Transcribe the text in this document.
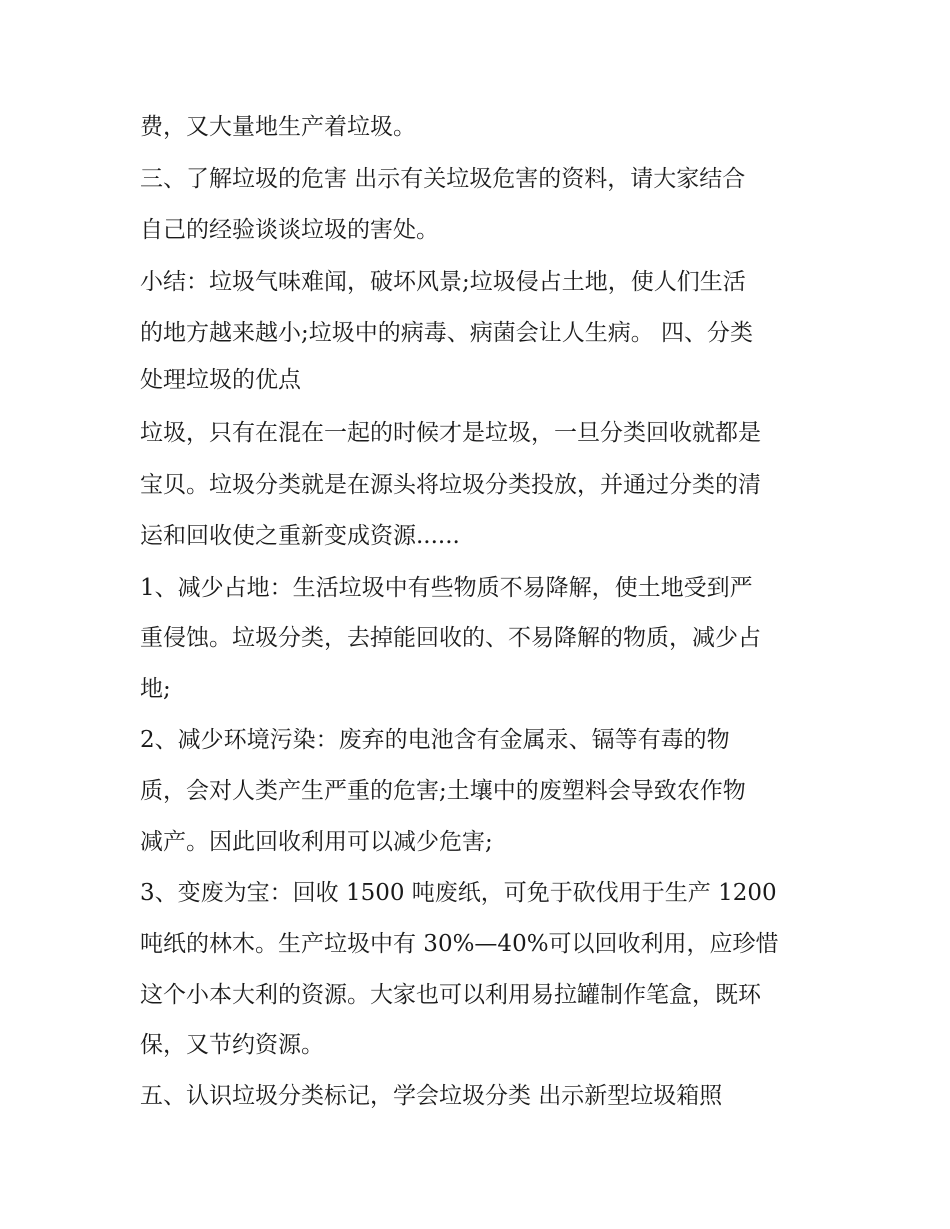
费，又大量地生产着垃圾。
三、了解垃圾的危害 出示有关垃圾危害的资料，请大家结合
自己的经验谈谈垃圾的害处。
小结：垃圾气味难闻，破坏风景;垃圾侵占土地，使人们生活
的地方越来越小;垃圾中的病毒、病菌会让人生病。 四、分类
处理垃圾的优点
垃圾，只有在混在一起的时候才是垃圾，一旦分类回收就都是
宝贝。垃圾分类就是在源头将垃圾分类投放，并通过分类的清
运和回收使之重新变成资源......
1、减少占地：生活垃圾中有些物质不易降解，使土地受到严
重侵蚀。垃圾分类，去掉能回收的、不易降解的物质，减少占
地;
2、减少环境污染：废弃的电池含有金属汞、镉等有毒的物
质，会对人类产生严重的危害;土壤中的废塑料会导致农作物
减产。因此回收利用可以减少危害;
3、变废为宝：回收 1500 吨废纸，可免于砍伐用于生产 1200
吨纸的林木。生产垃圾中有 30%—40%可以回收利用，应珍惜
这个小本大利的资源。大家也可以利用易拉罐制作笔盒，既环
保，又节约资源。
五、认识垃圾分类标记，学会垃圾分类 出示新型垃圾箱照
